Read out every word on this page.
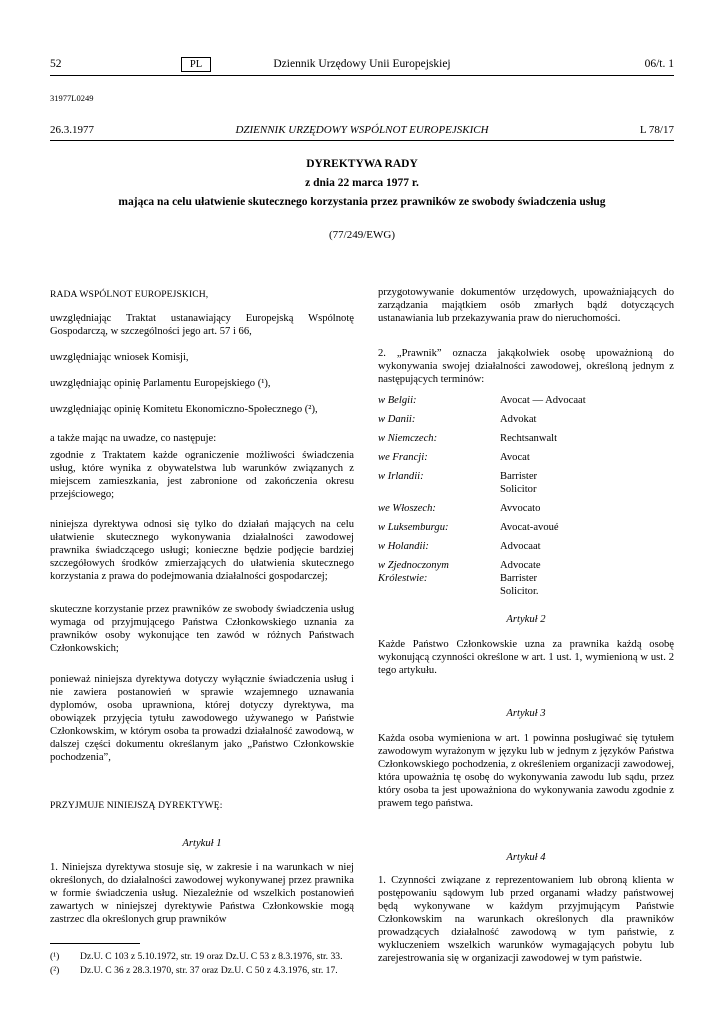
52	PL	Dziennik Urzędowy Unii Europejskiej	06/t. 1
31977L0249
26.3.1977	DZIENNIK URZĘDOWY WSPÓLNOT EUROPEJSKICH	L 78/17
DYREKTYWA RADY
z dnia 22 marca 1977 r.
mająca na celu ułatwienie skutecznego korzystania przez prawników ze swobody świadczenia usług
(77/249/EWG)

RADA WSPÓLNOT EUROPEJSKICH,

uwzględniając Traktat ustanawiający Europejską Wspólnotę Gospodarczą, w szczególności jego art. 57 i 66,

uwzględniając wniosek Komisji,

uwzględniając opinię Parlamentu Europejskiego (¹),

uwzględniając opinię Komitetu Ekonomiczno-Społecznego (²),

a także mając na uwadze, co następuje:

zgodnie z Traktatem każde ograniczenie możliwości świadczenia usług, które wynika z obywatelstwa lub warunków związanych z miejscem zamieszkania, jest zabronione od zakończenia okresu przejściowego;

niniejsza dyrektywa odnosi się tylko do działań mających na celu ułatwienie skutecznego wykonywania działalności zawodowej prawnika świadczącego usługi; konieczne będzie podjęcie bardziej szczegółowych środków zmierzających do ułatwienia skutecznego korzystania z prawa do podejmowania działalności gospodarczej;

skuteczne korzystanie przez prawników ze swobody świadczenia usług wymaga od przyjmującego Państwa Członkowskiego uznania za prawników osoby wykonujące ten zawód w różnych Państwach Członkowskich;

ponieważ niniejsza dyrektywa dotyczy wyłącznie świadczenia usług i nie zawiera postanowień w sprawie wzajemnego uznawania dyplomów, osoba uprawniona, której dotyczy dyrektywa, ma obowiązek przyjęcia tytułu zawodowego używanego w Państwie Członkowskim, w którym osoba ta prowadzi działalność zawodową, w dalszej części dokumentu określanym jako „Państwo Członkowskie pochodzenia”,

PRZYJMUJE NINIEJSZĄ DYREKTYWĘ:

Artykuł 1

1. Niniejsza dyrektywa stosuje się, w zakresie i na warunkach w niej określonych, do działalności zawodowej wykonywanej przez prawnika w formie świadczenia usług. Niezależnie od wszelkich postanowień zawartych w niniejszej dyrektywie Państwa Członkowskie mogą zastrzec dla określonych grup prawników

(¹) Dz.U. C 103 z 5.10.1972, str. 19 oraz Dz.U. C 53 z 8.3.1976, str. 33.
(²) Dz.U. C 36 z 28.3.1970, str. 37 oraz Dz.U. C 50 z 4.3.1976, str. 17.

przygotowywanie dokumentów urzędowych, upoważniających do zarządzania majątkiem osób zmarłych bądź dotyczących ustanawiania lub przekazywania praw do nieruchomości.

2. „Prawnik” oznacza jakąkolwiek osobę upoważnioną do wykonywania swojej działalności zawodowej, określoną jednym z następujących terminów:

w Belgii:	Avocat — Advocaat
w Danii:	Advokat
w Niemczech:	Rechtsanwalt
we Francji:	Avocat
w Irlandii:	Barrister
Solicitor
we Włoszech:	Avvocato
w Luksemburgu:	Avocat-avoué
w Holandii:	Advocaat
w Zjednoczonym Królestwie:	Advocate
Barrister
Solicitor.

Artykuł 2

Każde Państwo Członkowskie uzna za prawnika każdą osobę wykonującą czynności określone w art. 1 ust. 1, wymienioną w ust. 2 tego artykułu.

Artykuł 3

Każda osoba wymieniona w art. 1 powinna posługiwać się tytułem zawodowym wyrażonym w języku lub w jednym z języków Państwa Członkowskiego pochodzenia, z określeniem organizacji zawodowej, która upoważnia tę osobę do wykonywania zawodu lub sądu, przez który osoba ta jest upoważniona do wykonywania zawodu zgodnie z prawem tego państwa.

Artykuł 4

1. Czynności związane z reprezentowaniem lub obroną klienta w postępowaniu sądowym lub przed organami władzy państwowej będą wykonywane w każdym przyjmującym Państwie Członkowskim na warunkach określonych dla prawników prowadzących działalność zawodową w tym państwie, z wykluczeniem wszelkich warunków wymagających pobytu lub zarejestrowania się w organizacji zawodowej w tym państwie.
